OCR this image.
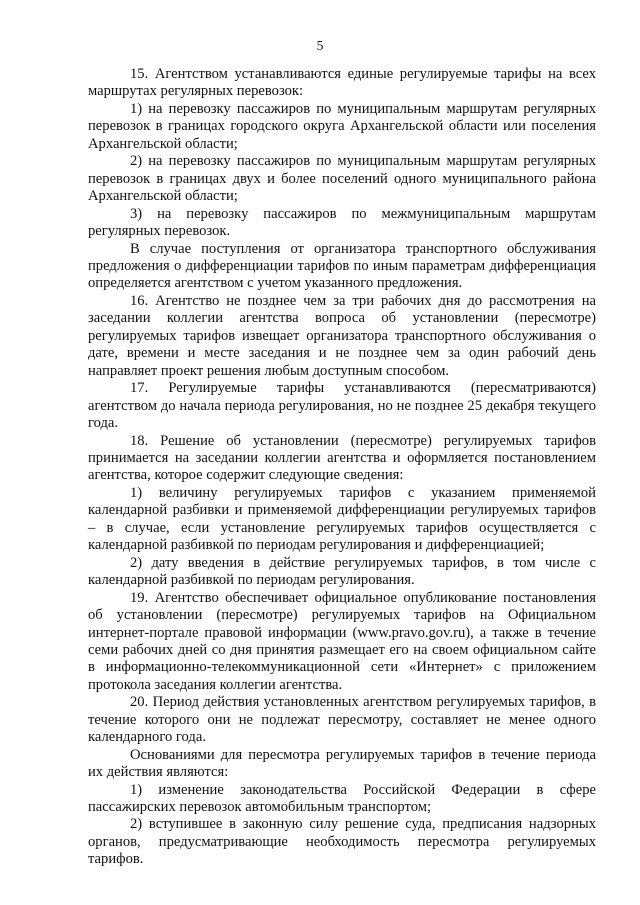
5

15. Агентством устанавливаются единые регулируемые тарифы на всех маршрутах регулярных перевозок:

1) на перевозку пассажиров по муниципальным маршрутам регулярных перевозок в границах городского округа Архангельской области или поселения Архангельской области;

2) на перевозку пассажиров по муниципальным маршрутам регулярных перевозок в границах двух и более поселений одного муниципального района Архангельской области;

3) на перевозку пассажиров по межмуниципальным маршрутам регулярных перевозок.

В случае поступления от организатора транспортного обслуживания предложения о дифференциации тарифов по иным параметрам дифференциация определяется агентством с учетом указанного предложения.

16. Агентство не позднее чем за три рабочих дня до рассмотрения на заседании коллегии агентства вопроса об установлении (пересмотре) регулируемых тарифов извещает организатора транспортного обслуживания о дате, времени и месте заседания и не позднее чем за один рабочий день направляет проект решения любым доступным способом.

17. Регулируемые тарифы устанавливаются (пересматриваются) агентством до начала периода регулирования, но не позднее 25 декабря текущего года.

18. Решение об установлении (пересмотре) регулируемых тарифов принимается на заседании коллегии агентства и оформляется постановлением агентства, которое содержит следующие сведения:

1) величину регулируемых тарифов с указанием применяемой календарной разбивки и применяемой дифференциации регулируемых тарифов – в случае, если установление регулируемых тарифов осуществляется с календарной разбивкой по периодам регулирования и дифференциацией;

2) дату введения в действие регулируемых тарифов, в том числе с календарной разбивкой по периодам регулирования.

19. Агентство обеспечивает официальное опубликование постановления об установлении (пересмотре) регулируемых тарифов на Официальном интернет-портале правовой информации (www.pravo.gov.ru), а также в течение семи рабочих дней со дня принятия размещает его на своем официальном сайте в информационно-телекоммуникационной сети «Интернет» с приложением протокола заседания коллегии агентства.

20. Период действия установленных агентством регулируемых тарифов, в течение которого они не подлежат пересмотру, составляет не менее одного календарного года.

Основаниями для пересмотра регулируемых тарифов в течение периода их действия являются:

1) изменение законодательства Российской Федерации в сфере пассажирских перевозок автомобильным транспортом;

2) вступившее в законную силу решение суда, предписания надзорных органов, предусматривающие необходимость пересмотра регулируемых тарифов.
